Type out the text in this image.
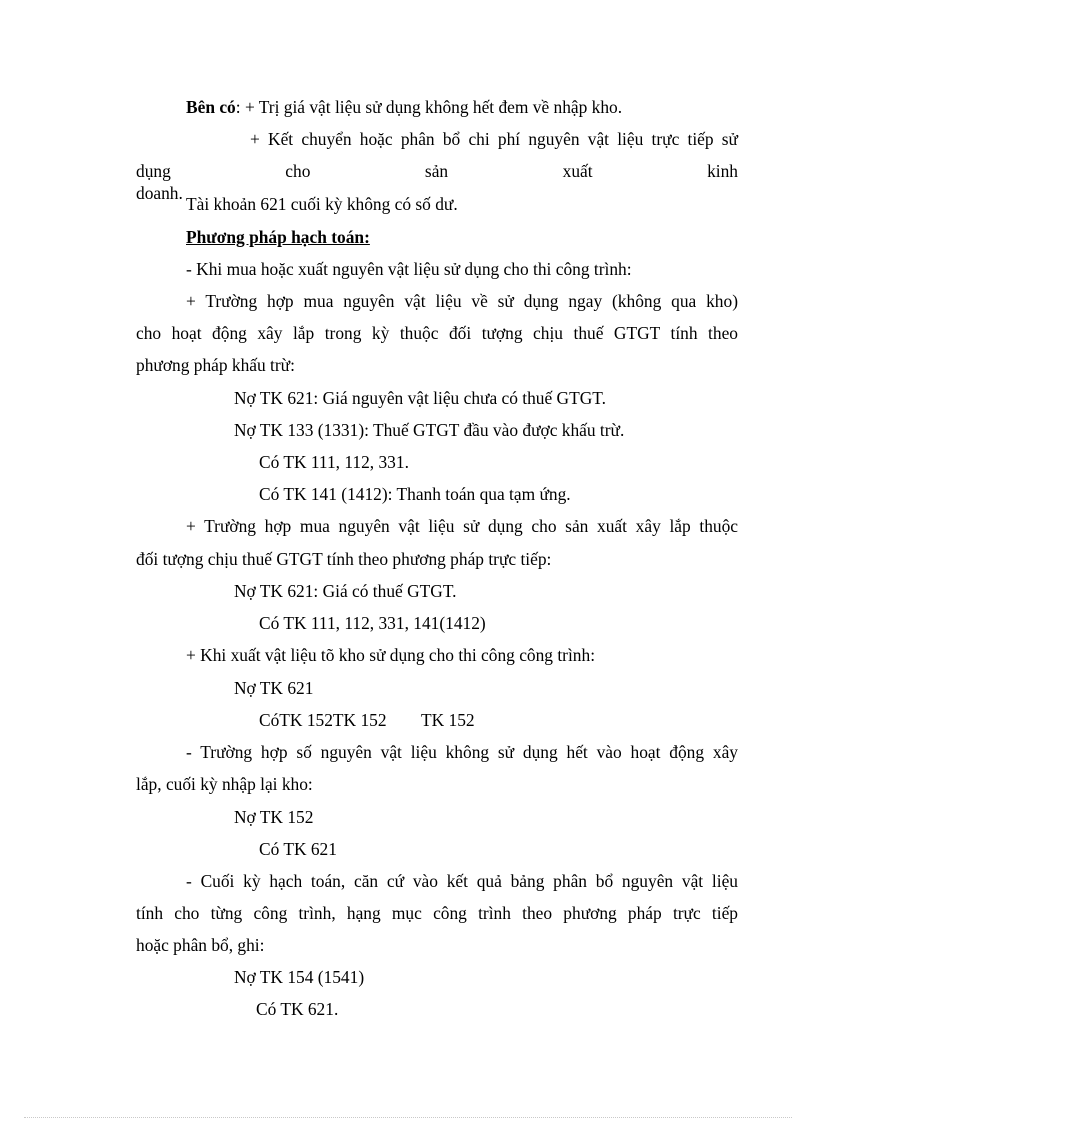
Bên có: + Trị giá vật liệu sử dụng không hết đem về nhập kho.

+ Kết chuyển hoặc phân bổ chi phí nguyên vật liệu trực tiếp sử

dụng cho sản xuất kinh doanh.

Tài khoản 621 cuối kỳ không có số dư.

Phương pháp hạch toán:

- Khi mua hoặc xuất nguyên vật liệu sử dụng cho thi công trình:

+ Trường hợp mua nguyên vật liệu về sử dụng ngay (không qua kho)

cho hoạt động xây lắp trong kỳ thuộc đối tượng chịu thuế GTGT tính theo

phương pháp khấu trừ:

Nợ TK 621: Giá nguyên vật liệu chưa có thuế GTGT.

Nợ TK 133 (1331): Thuế GTGT đầu vào được khấu trừ.

Có TK 111, 112, 331.

Có TK 141 (1412): Thanh toán qua tạm ứng.

+ Trường hợp mua nguyên vật liệu sử dụng cho sản xuất xây lắp thuộc

đối tượng chịu thuế GTGT tính theo phương pháp trực tiếp:

Nợ TK 621: Giá có thuế GTGT.

Có TK 111, 112, 331, 141(1412)

+ Khi xuất vật liệu tõ kho sử dụng cho thi công công trình:

Nợ TK 621

CóTK 152TK 152        TK 152

- Trường hợp số nguyên vật liệu không sử dụng hết vào hoạt động xây

lắp, cuối kỳ nhập lại kho:

Nợ TK 152

Có TK 621

- Cuối kỳ hạch toán, căn cứ vào kết quả bảng phân bổ nguyên vật liệu

tính cho từng công trình, hạng mục công trình theo phương pháp trực tiếp

hoặc phân bổ, ghi:

Nợ TK 154 (1541)

Có TK 621.
